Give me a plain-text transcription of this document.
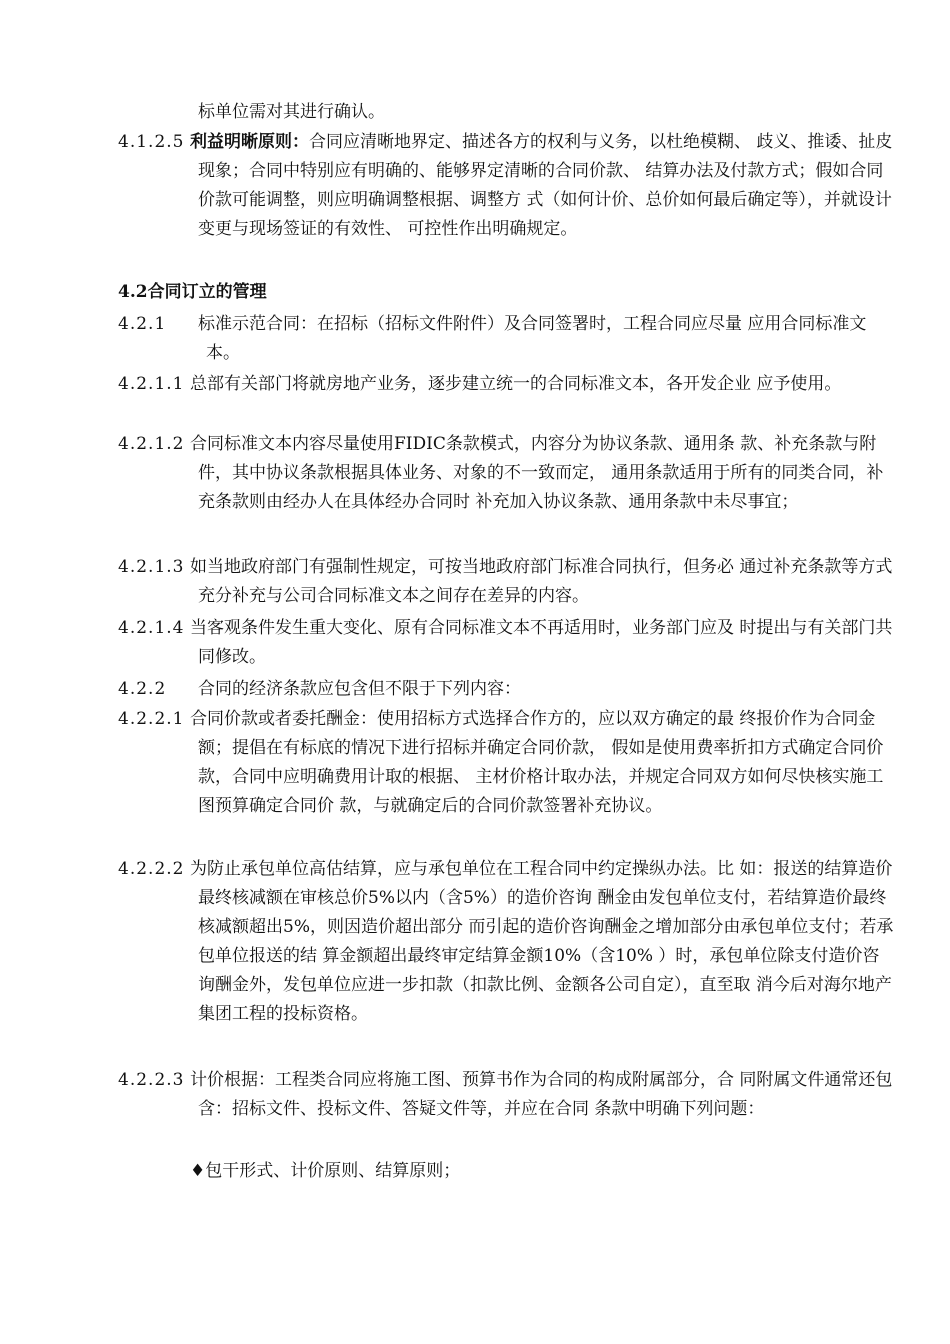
标单位需对其进行确认。
4.1.2.5 利益明晰原则：合同应清晰地界定、描述各方的权利与义务，以杜绝模糊、 歧义、推诿、扯皮现象；合同中特别应有明确的、能够界定清晰的合同价款、 结算办法及付款方式；假如合同价款可能调整，则应明确调整根据、调整方 式（如何计价、总价如何最后确定等），并就设计变更与现场签证的有效性、 可控性作出明确规定。
4.2合同订立的管理
4.2.1 标准示范合同：在招标（招标文件附件）及合同签署时，工程合同应尽量 应用合同标准文本。
4.2.1.1 总部有关部门将就房地产业务，逐步建立统一的合同标准文本，各开发企业 应予使用。
4.2.1.2 合同标准文本内容尽量使用FIDIC条款模式，内容分为协议条款、通用条 款、补充条款与附件，其中协议条款根据具体业务、对象的不一致而定， 通用条款适用于所有的同类合同，补充条款则由经办人在具体经办合同时 补充加入协议条款、通用条款中未尽事宜；
4.2.1.3 如当地政府部门有强制性规定，可按当地政府部门标准合同执行，但务必 通过补充条款等方式充分补充与公司合同标准文本之间存在差异的内容。
4.2.1.4 当客观条件发生重大变化、原有合同标准文本不再适用时，业务部门应及 时提出与有关部门共同修改。
4.2.2 合同的经济条款应包含但不限于下列内容：
4.2.2.1 合同价款或者委托酬金：使用招标方式选择合作方的，应以双方确定的最 终报价作为合同金额；提倡在有标底的情况下进行招标并确定合同价款， 假如是使用费率折扣方式确定合同价款，合同中应明确费用计取的根据、 主材价格计取办法，并规定合同双方如何尽快核实施工图预算确定合同价 款，与就确定后的合同价款签署补充协议。
4.2.2.2 为防止承包单位高估结算，应与承包单位在工程合同中约定操纵办法。比 如：报送的结算造价最终核减额在审核总价5%以内（含5%）的造价咨询 酬金由发包单位支付，若结算造价最终核减额超出5%，则因造价超出部分 而引起的造价咨询酬金之增加部分由承包单位支付；若承包单位报送的结 算金额超出最终审定结算金额10%（含10% ）时，承包单位除支付造价咨 询酬金外，发包单位应进一步扣款（扣款比例、金额各公司自定），直至取 消今后对海尔地产集团工程的投标资格。
4.2.2.3 计价根据：工程类合同应将施工图、预算书作为合同的构成附属部分，合 同附属文件通常还包含：招标文件、投标文件、答疑文件等，并应在合同 条款中明确下列问题：
♦包干形式、计价原则、结算原则；
